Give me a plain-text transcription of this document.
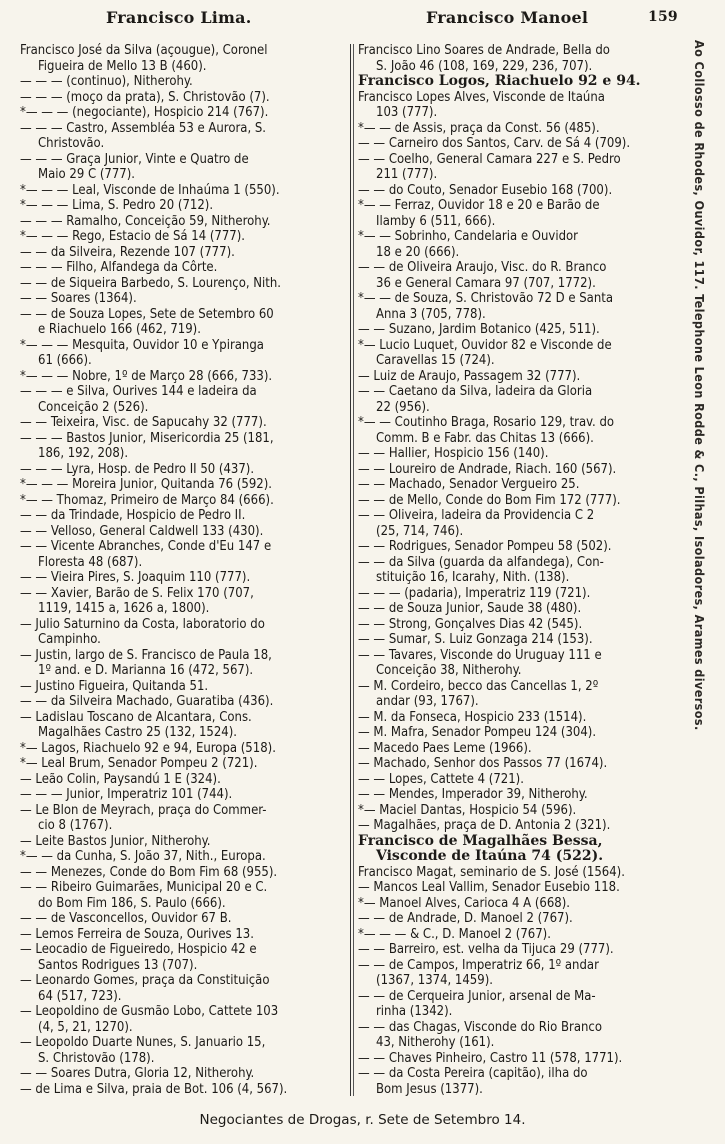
Francisco Lima.	Francisco Manoel	159
Francisco José da Silva (açougue), Coronel
Figueira de Mello 13 B (460).
— — — (continuo), Nitherohy.
— — — (moço da prata), S. Christovão (7).
*— — — (negociante), Hospicio 214 (767).
— — — Castro, Assembléa 53 e Aurora, S.
Christovão.
— — — Graça Junior, Vinte e Quatro de
Maio 29 C (777).
*— — — Leal, Visconde de Inhaúma 1 (550).
*— — — Lima, S. Pedro 20 (712).
— — — Ramalho, Conceição 59, Nitherohy.
*— — — Rego, Estacio de Sá 14 (777).
— — da Silveira, Rezende 107 (777).
— — — Filho, Alfandega da Côrte.
— — de Siqueira Barbedo, S. Lourenço, Nith.
— — Soares (1364).
— — de Souza Lopes, Sete de Setembro 60
e Riachuelo 166 (462, 719).
*— — — Mesquita, Ouvidor 10 e Ypiranga
61 (666).
*— — — Nobre, 1º de Março 28 (666, 733).
— — — e Silva, Ourives 144 e ladeira da
Conceição 2 (526).
— — Teixeira, Visc. de Sapucahy 32 (777).
— — — Bastos Junior, Misericordia 25 (181,
186, 192, 208).
— — — Lyra, Hosp. de Pedro II 50 (437).
*— — — Moreira Junior, Quitanda 76 (592).
*— — Thomaz, Primeiro de Março 84 (666).
— — da Trindade, Hospicio de Pedro II.
— — Velloso, General Caldwell 133 (430).
— — Vicente Abranches, Conde d'Eu 147 e
Floresta 48 (687).
— — Vieira Pires, S. Joaquim 110 (777).
— — Xavier, Barão de S. Felix 170 (707,
1119, 1415 a, 1626 a, 1800).
— Julio Saturnino da Costa, laboratorio do
Campinho.
— Justin, largo de S. Francisco de Paula 18,
1º and. e D. Marianna 16 (472, 567).
— Justino Figueira, Quitanda 51.
— — da Silveira Machado, Guaratiba (436).
— Ladislau Toscano de Alcantara, Cons.
Magalhães Castro 25 (132, 1524).
*— Lagos, Riachuelo 92 e 94, Europa (518).
*— Leal Brum, Senador Pompeu 2 (721).
— Leão Colin, Paysandú 1 E (324).
— — — Junior, Imperatriz 101 (744).
— Le Blon de Meyrach, praça do Commer-
cio 8 (1767).
— Leite Bastos Junior, Nitherohy.
*— — da Cunha, S. João 37, Nith., Europa.
— — Menezes, Conde do Bom Fim 68 (955).
— — Ribeiro Guimarães, Municipal 20 e C.
do Bom Fim 186, S. Paulo (666).
— — de Vasconcellos, Ouvidor 67 B.
— Lemos Ferreira de Souza, Ourives 13.
— Leocadio de Figueiredo, Hospicio 42 e
Santos Rodrigues 13 (707).
— Leonardo Gomes, praça da Constituição
64 (517, 723).
— Leopoldino de Gusmão Lobo, Cattete 103
(4, 5, 21, 1270).
— Leopoldo Duarte Nunes, S. Januario 15,
S. Christovão (178).
— — Soares Dutra, Gloria 12, Nitherohy.
— de Lima e Silva, praia de Bot. 106 (4, 567).
Francisco Lino Soares de Andrade, Bella do
S. João 46 (108, 169, 229, 236, 707).
Francisco Logos, Riachuelo 92 e 94.
Francisco Lopes Alves, Visconde de Itaúna
103 (777).
*— — de Assis, praça da Const. 56 (485).
— — Carneiro dos Santos, Carv. de Sá 4 (709).
— — Coelho, General Camara 227 e S. Pedro
211 (777).
— — do Couto, Senador Eusebio 168 (700).
*— — Ferraz, Ouvidor 18 e 20 e Barão de
Ilamby 6 (511, 666).
*— — Sobrinho, Candelaria e Ouvidor
18 e 20 (666).
— — de Oliveira Araujo, Visc. do R. Branco
36 e General Camara 97 (707, 1772).
*— — de Souza, S. Christovão 72 D e Santa
Anna 3 (705, 778).
— — Suzano, Jardim Botanico (425, 511).
*— Lucio Luquet, Ouvidor 82 e Visconde de
Caravellas 15 (724).
— Luiz de Araujo, Passagem 32 (777).
— — Caetano da Silva, ladeira da Gloria
22 (956).
*— — Coutinho Braga, Rosario 129, trav. do
Comm. B e Fabr. das Chitas 13 (666).
— — Hallier, Hospicio 156 (140).
— — Loureiro de Andrade, Riach. 160 (567).
— — Machado, Senador Vergueiro 25.
— — de Mello, Conde do Bom Fim 172 (777).
— — Oliveira, ladeira da Providencia C 2
(25, 714, 746).
— — Rodrigues, Senador Pompeu 58 (502).
— — da Silva (guarda da alfandega), Con-
stituição 16, Icarahy, Nith. (138).
— — — (padaria), Imperatriz 119 (721).
— — de Souza Junior, Saude 38 (480).
— — Strong, Gonçalves Dias 42 (545).
— — Sumar, S. Luiz Gonzaga 214 (153).
— — Tavares, Visconde do Uruguay 111 e
Conceição 38, Nitherohy.
— M. Cordeiro, becco das Cancellas 1, 2º
andar (93, 1767).
— M. da Fonseca, Hospicio 233 (1514).
— M. Mafra, Senador Pompeu 124 (304).
— Macedo Paes Leme (1966).
— Machado, Senhor dos Passos 77 (1674).
— — Lopes, Cattete 4 (721).
— — Mendes, Imperador 39, Nitherohy.
*— Maciel Dantas, Hospicio 54 (596).
— Magalhães, praça de D. Antonia 2 (321).
Francisco de Magalhães Bessa,
Visconde de Itaúna 74 (522).
Francisco Magat, seminario de S. José (1564).
— Mancos Leal Vallim, Senador Eusebio 118.
*— Manoel Alves, Carioca 4 A (668).
— — de Andrade, D. Manoel 2 (767).
*— — — & C., D. Manoel 2 (767).
— — Barreiro, est. velha da Tijuca 29 (777).
— — de Campos, Imperatriz 66, 1º andar
(1367, 1374, 1459).
— — de Cerqueira Junior, arsenal de Ma-
rinha (1342).
— — das Chagas, Visconde do Rio Branco
43, Nitherohy (161).
— — Chaves Pinheiro, Castro 11 (578, 1771).
— — da Costa Pereira (capitão), ilha do
Bom Jesus (1377).
Ao Collosso de Rhodes, Ouvidor, 117. Telephone Leon Rodde & C., Pilhas, Isoladores, Arames diversos.
Negociantes de Drogas, r. Sete de Setembro 14.
